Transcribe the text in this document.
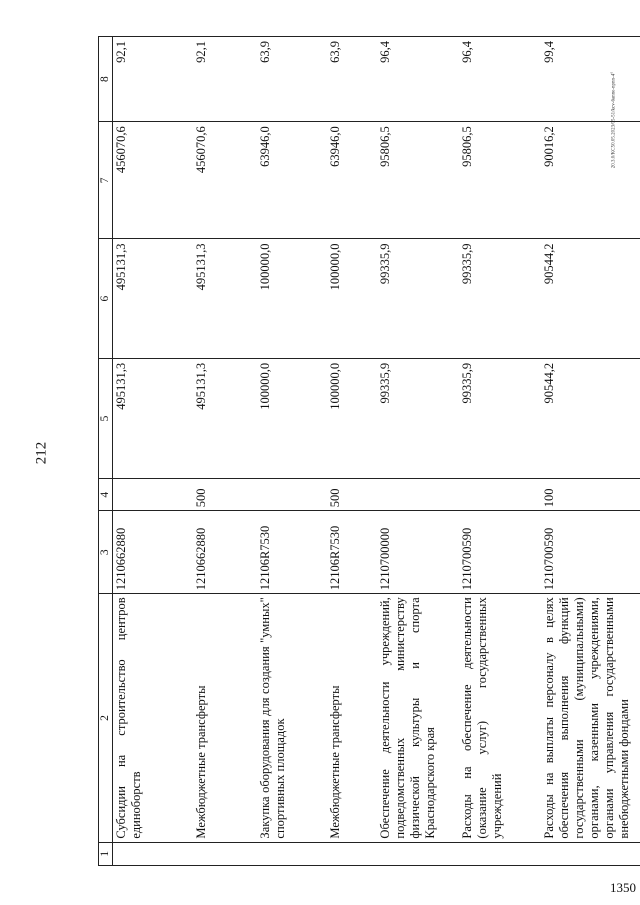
212
20.3.0/KC50.05.2023/05-51/kcv-6anne-npnn-4°
1350
1	2	3	4	5	6	7	8
	Субсидии на строительство центров единоборств	1210662880		495131,3	495131,3	456070,6	92,1
	Межбюджетные трансферты	1210662880	500	495131,3	495131,3	456070,6	92,1
	Закупка оборудования для создания "умных" спортивных площадок	12106R7530		100000,0	100000,0	63946,0	63,9
	Межбюджетные трансферты	12106R7530	500	100000,0	100000,0	63946,0	63,9
	Обеспечение деятельности учреждений, подведомственных министерству физической культуры и спорта Краснодарского края	1210700000		99335,9	99335,9	95806,5	96,4
	Расходы на обеспечение деятельности (оказание услуг) государственных учреждений	1210700590		99335,9	99335,9	95806,5	96,4
	Расходы на выплаты персоналу в целях обеспечения выполнения функций государственными (муниципальными) органами, казенными учреждениями, органами управления государственными внебюджетными фондами	1210700590	100	90544,2	90544,2	90016,2	99,4
